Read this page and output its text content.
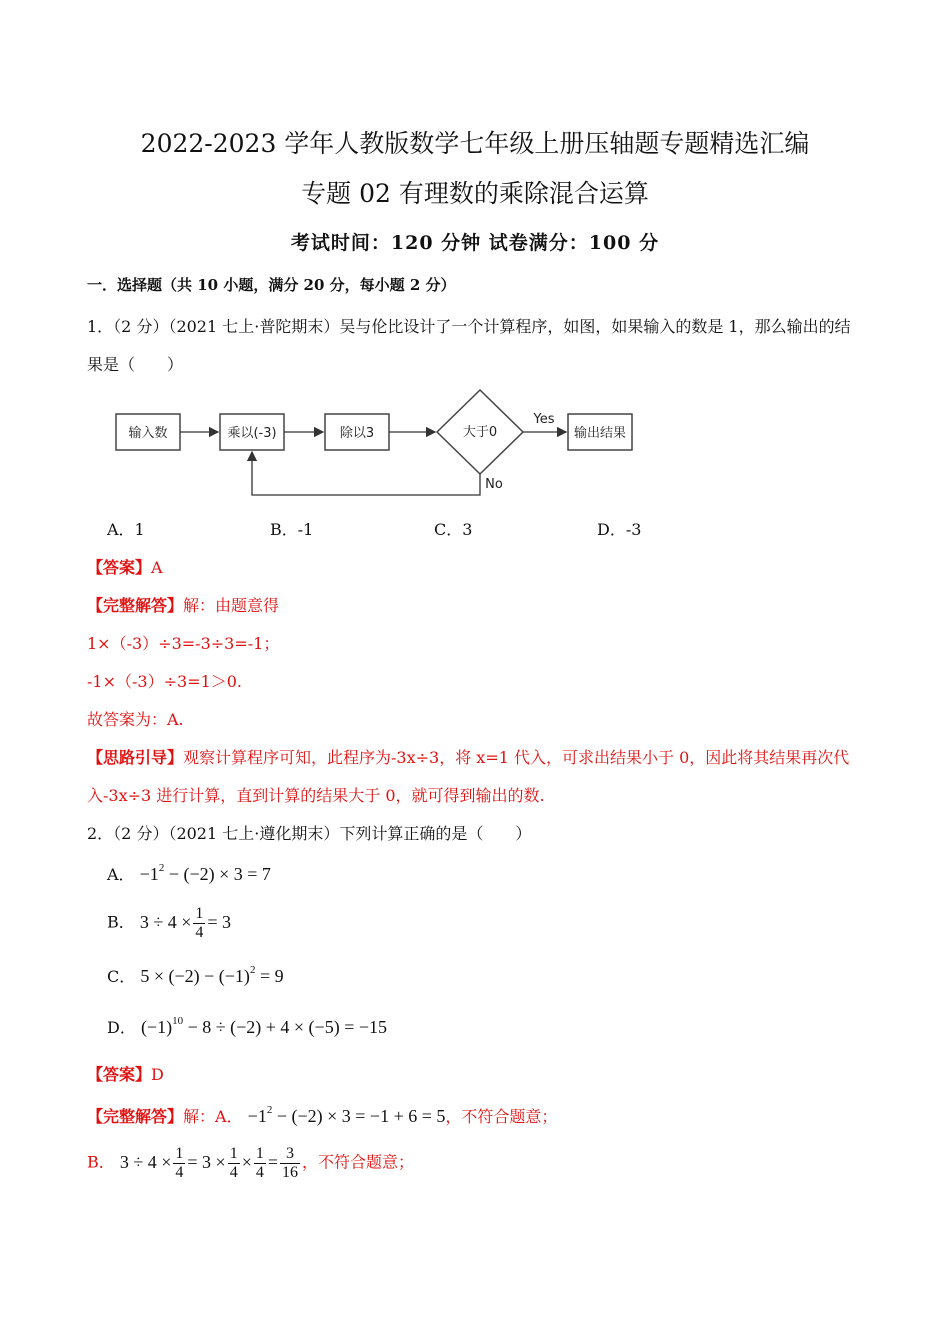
2022-2023 学年人教版数学七年级上册压轴题专题精选汇编
专题 02 有理数的乘除混合运算
考试时间：120 分钟 试卷满分：100 分
一．选择题（共 10 小题，满分 20 分，每小题 2 分）
1．（2 分）（2021 七上·普陀期末）吴与伦比设计了一个计算程序，如图，如果输入的数是 1，那么输出的结
果是（　　）
输入数	乘以(-3)	除以3	大于0	输出结果
Yes
No
A．1	B．-1	C．3	D．-3
【答案】A
【完整解答】解：由题意得
1×（-3）÷3=-3÷3=-1；
-1×（-3）÷3=1＞0.
故答案为：A.
【思路引导】观察计算程序可知，此程序为-3x÷3，将 x=1 代入，可求出结果小于 0，因此将其结果再次代
入-3x÷3 进行计算，直到计算的结果大于 0，就可得到输出的数.
2．（2 分）（2021 七上·遵化期末）下列计算正确的是（　　）
A． $-1^2 - (-2) \times 3 = 7$
B． $3 \div 4 \times \frac{1}{4} = 3$
C． $5 \times (-2) - (-1)^2 = 9$
D． $(-1)^{10} - 8 \div (-2) + 4 \times (-5) = -15$
【答案】D
【完整解答】解：A． $-1^2 - (-2) \times 3 = -1 + 6 = 5$，不符合题意；
B． $3 \div 4 \times \frac{1}{4} = 3 \times \frac{1}{4} \times \frac{1}{4} = \frac{3}{16}$ ，不符合题意；
